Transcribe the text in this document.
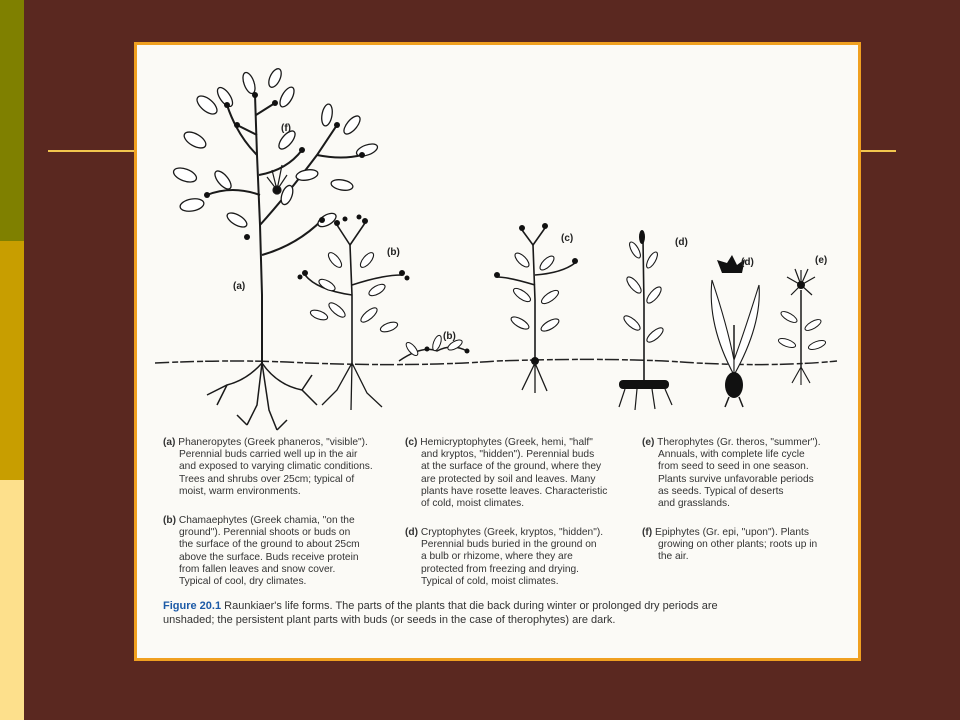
(a)
(f)
(b)
(b)
(c)	(d)
(d)	(e)
(a) Phaneropytes (Greek phaneros, "visible").
Perennial buds carried well up in the air
and exposed to varying climatic conditions.
Trees and shrubs over 25cm; typical of
moist, warm environments.
(b) Chamaephytes (Greek chamia, "on the
ground"). Perennial shoots or buds on
the surface of the ground to about 25cm
above the surface. Buds receive protein
from fallen leaves and snow cover.
Typical of cool, dry climates.
(c) Hemicryptophytes (Greek, hemi, "half"
and kryptos, "hidden"). Perennial buds
at the surface of the ground, where they
are protected by soil and leaves. Many
plants have rosette leaves. Characteristic
of cold, moist climates.
(d) Cryptophytes (Greek, kryptos, "hidden").
Perennial buds buried in the ground on
a bulb or rhizome, where they are
protected from freezing and drying.
Typical of cold, moist climates.
(e) Therophytes (Gr. theros, "summer").
Annuals, with complete life cycle
from seed to seed in one season.
Plants survive unfavorable periods
as seeds. Typical of deserts
and grasslands.
(f) Epiphytes (Gr. epi, "upon"). Plants
growing on other plants; roots up in
the air.
Figure 20.1 Raunkiaer's life forms. The parts of the plants that die back during winter or prolonged dry periods are
unshaded; the persistent plant parts with buds (or seeds in the case of therophytes) are dark.
